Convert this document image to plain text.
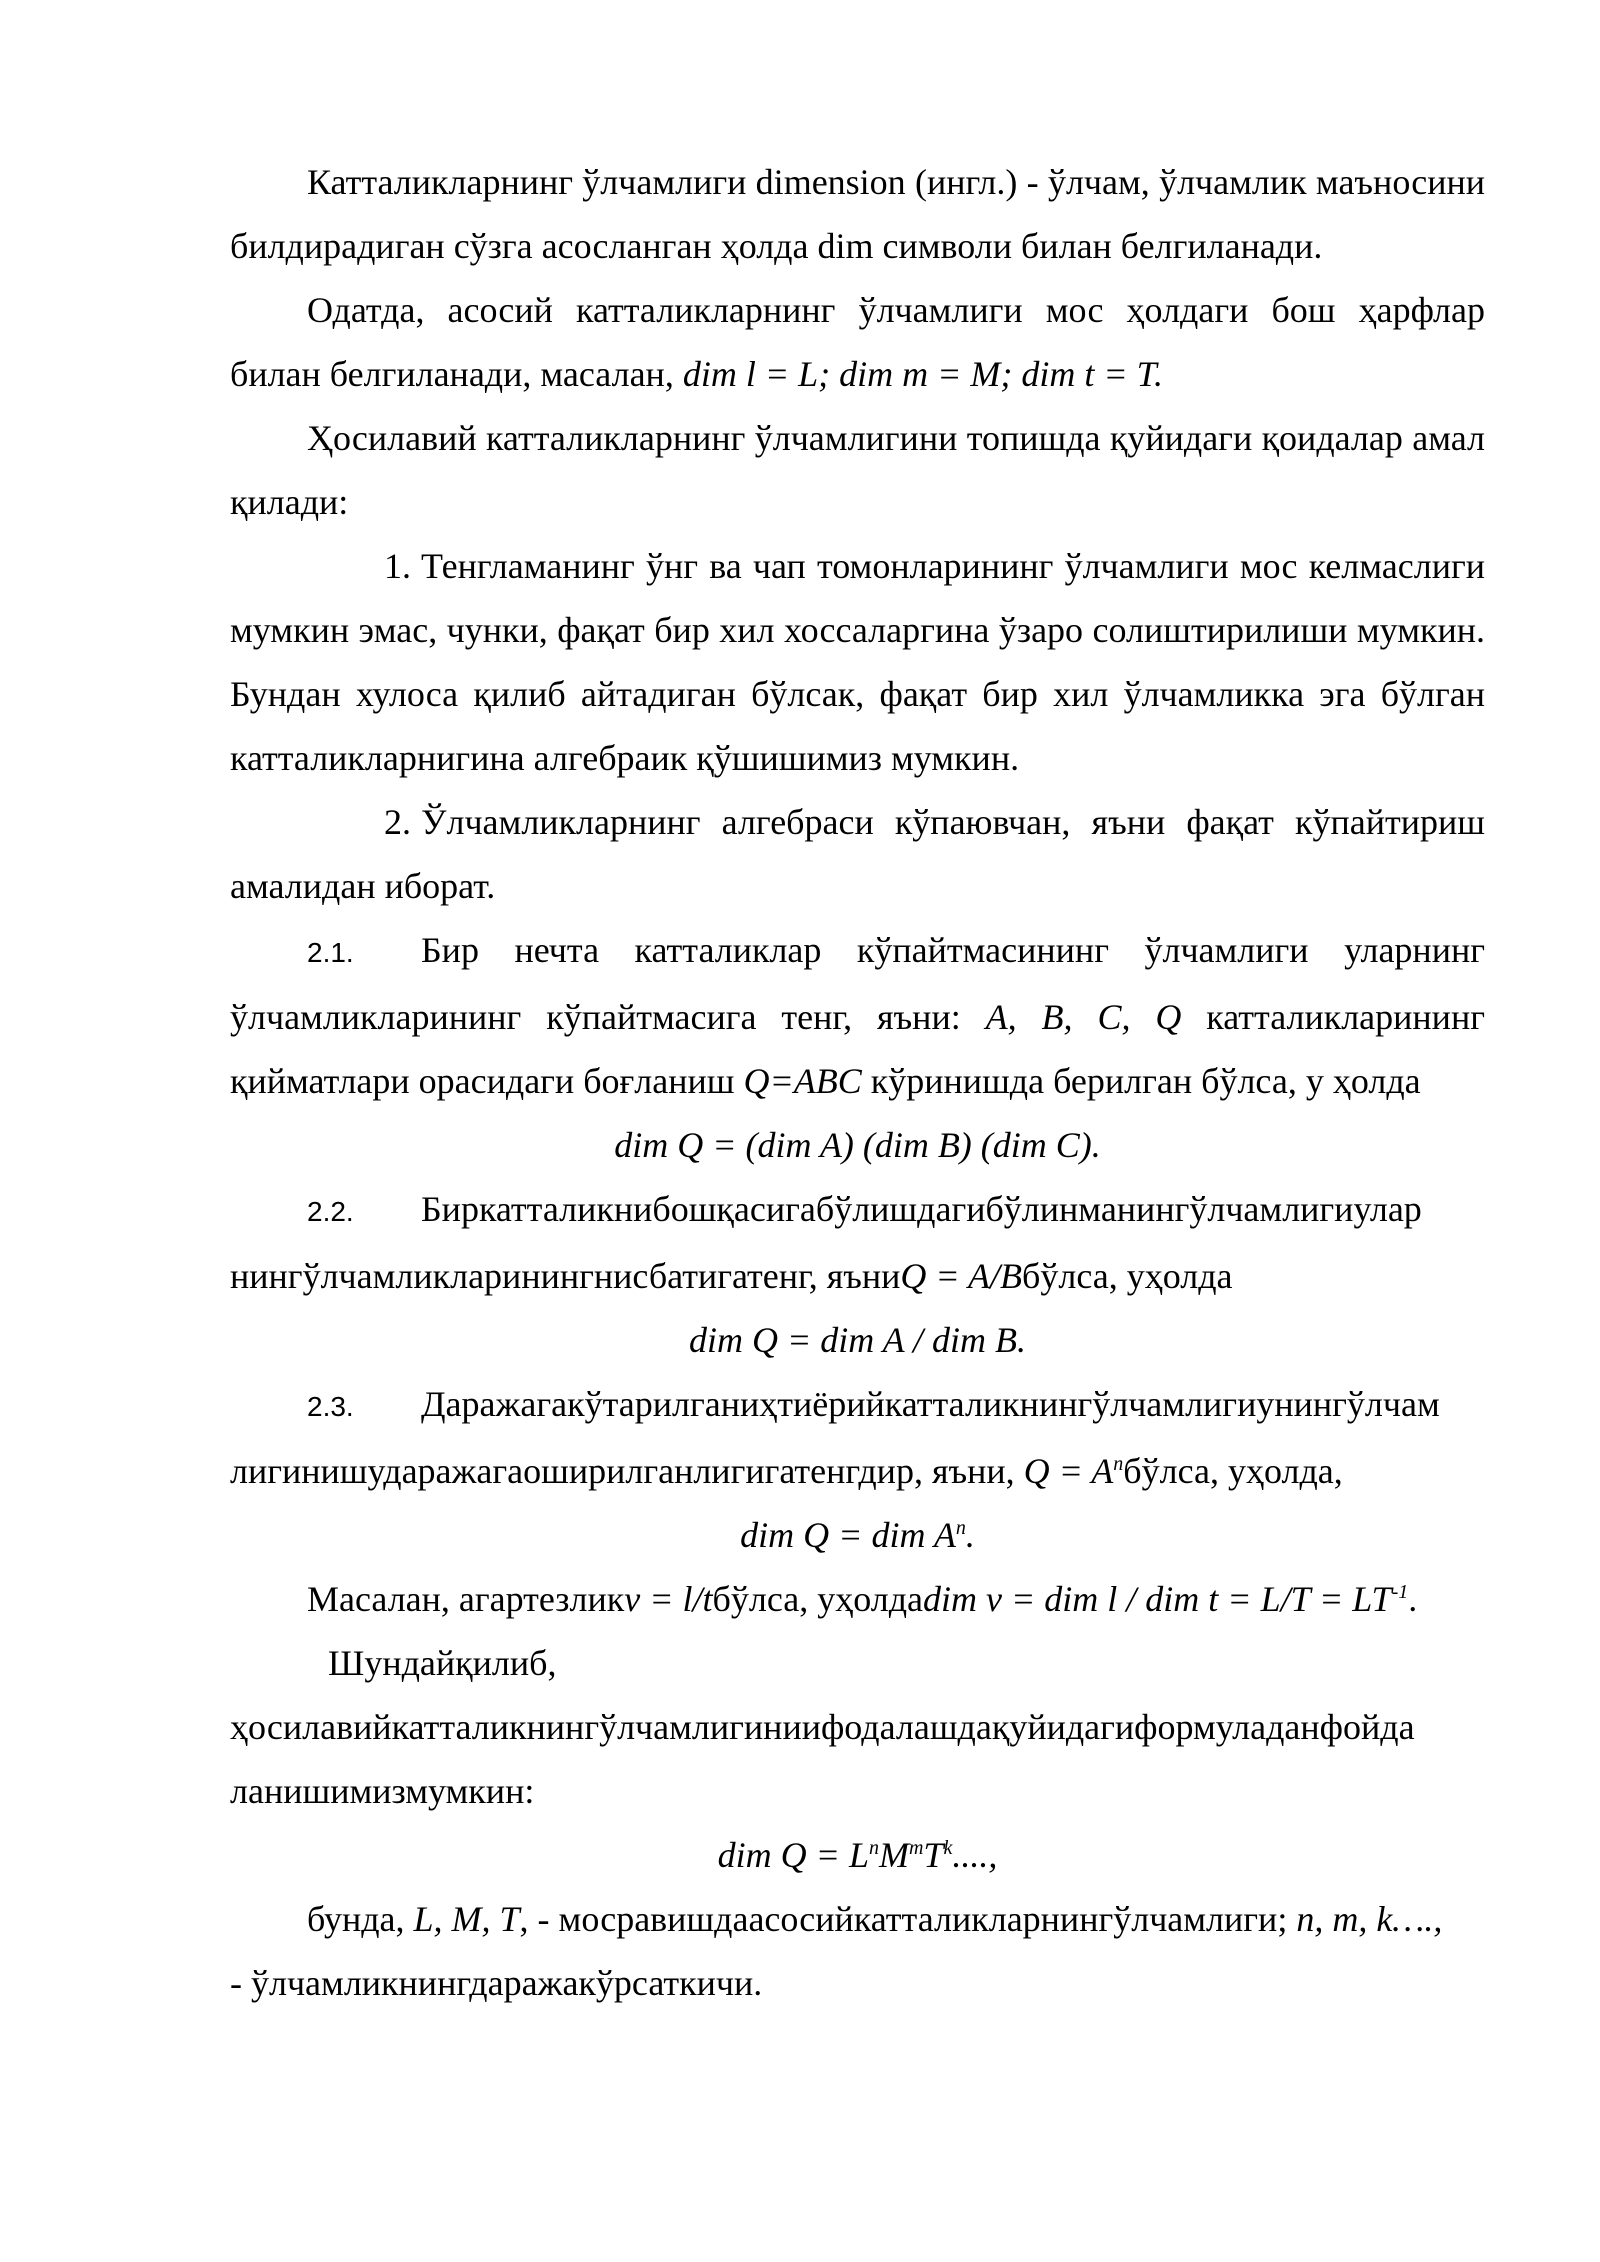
Катталикларнинг ўлчамлиги dimension (ингл.) - ўлчам, ўлчамлик маъносини билдирадиган сўзга асосланган ҳолда dim символи билан белгиланади.

Одатда, асосий катталикларнинг ўлчамлиги мос ҳолдаги бош ҳарфлар билан белгиланади, масалан, dim l = L; dim m = M; dim t = T.

Ҳосилавий катталикларнинг ўлчамлигини топишда қуйидаги қоидалар амал қилади:

1. Тенгламанинг ўнг ва чап томонларининг ўлчамлиги мос келмаслиги мумкин эмас, чунки, фақат бир хил хоссаларгина ўзаро солиштирилиши мумкин. Бундан хулоса қилиб айтадиган бўлсак, фақат бир хил ўлчамликка эга бўлган катталикларнигина алгебраик қўшишимиз мумкин.

2. Ўлчамликларнинг алгебраси кўпаювчан, яъни фақат кўпайтириш амалидан иборат.

2.1. Бир нечта катталиклар кўпайтмасининг ўлчамлиги уларнинг ўлчамликларининг кўпайтмасига тенг, яъни: A, B, C, Q катталикларининг қийматлари орасидаги боғланиш Q=ABC кўринишда берилган бўлса, у ҳолда

dim Q = (dim A) (dim B) (dim C).

2.2. Биркатталикнибошқасигабўлишдагибўлинманингўлчамлигиулар

нингўлчамликларинингнисбатигатенг, яъниQ = A/Bбўлса, уҳолда

dim Q = dim A / dim B.

2.3. Даражагакўтарилганиҳтиёрийкатталикнингўлчамлигиунингўлчам

лигинишударажагаоширилганлигигатенгдир, яъни, $Q = A^nбўлса$, уҳолда,

dim Q = dim $A^n$.

Масалан, агартезликv = l/tбўлса, уҳолдаdim v = dim l / dim $t = L/T = LT^{-1}$.

Шундайқилиб,

ҳосилавийкатталикнингўлчамлигиниифодалашдақуйидагиформуладанфойда

ланишимизмумкин:

dim $Q = L^nM^mT^k$....,

бунда, L, M, T, - мосравишдаасосийкатталикларнингўлчамлиги; n, m, k….,

- ўлчамликнингдаражакўрсаткичи.
